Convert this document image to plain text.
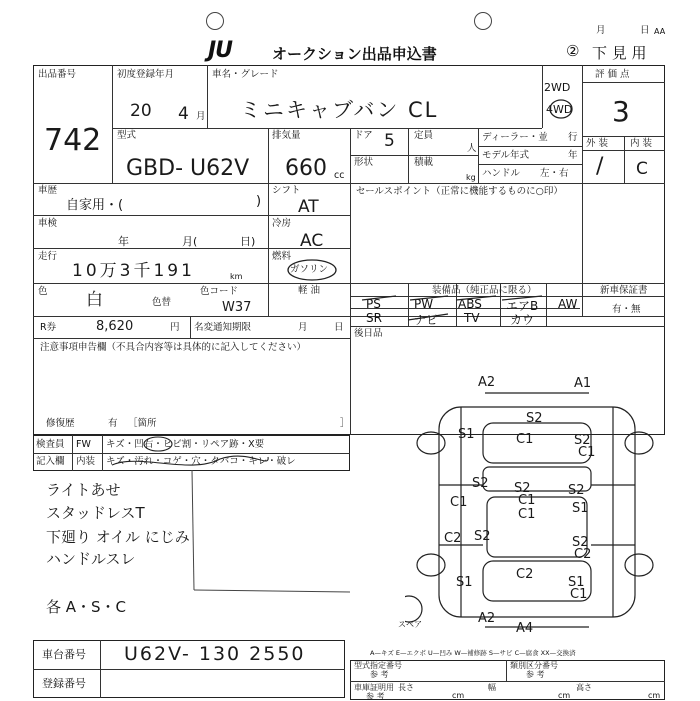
JU	オークション出品申込書
月	日 AA
② 下 見 用
出品番号
742
初度登録年月
20 4 月
車名・グレード
ミニキャブバン CL
2WD
4WD
評 価 点
3
型式
GBD- U62V
排気量
660 cc
ドア 5 定員
人
形状	積載
kg
ディーラー・並 行
モデル年式	年
ハンドル 左・右
外 装 内 装
/ C
車歴
自家用・(	)
シフト
AT
セールスポイント（正常に機能するものに○印）
車検
年	月(	日)
冷房
AC
走行
10万3千191	km
燃料
ガソリン
軽 油
色 白	色替
色コード
W37
装備品（純正品に限る）	新車保証書
有・無
PS	PW ABS エアB AW
SR	ナビ TV	カウ
R券	8,620	円 名変通知期限	月	日
後日品
注意事項申告欄（不具合内容等は具体的に記入してください）
修復歴	有 ［箇所	］
検査員 FW キズ・凹右・ヒビ割・リペア跡・X要
記入欄 内装 キズ・汚れ・コゲ・穴・タバコ・キレ・破レ
ライトあせ
スタッドレスT
下廻り オイル にじみ
ハンドルスレ
各 A・S・C
スペア
A2	A1
S2
C1
S1	S2
C1
S2 S2
C1
S2
C1	S1
C1
C2 S2	S2
C2
C2
S1	S1
C1
A2
A4
A—キズ E—エクボ U—凹み W—補修跡 S—サビ C—腐食 XX—交換済
車台番号 U62V- 130 2550
登録番号
型式指定番号
参 考
類別区分番号
参 考
車庫証明用
参 考
長さ
cm
幅
cm
高さ
cm
